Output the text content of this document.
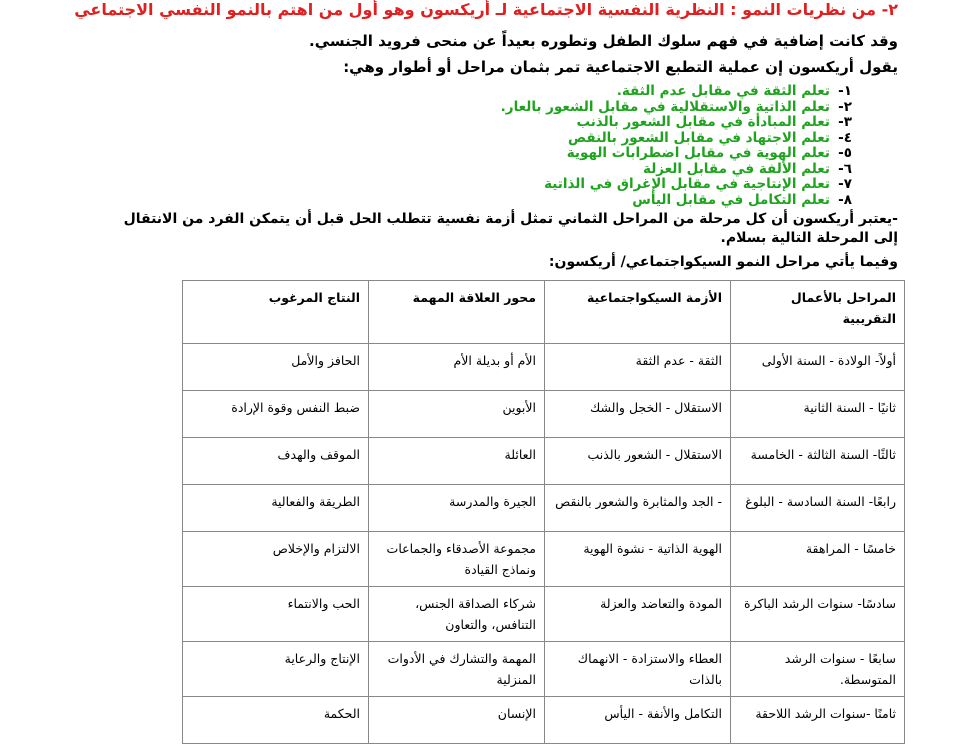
٢- من نظريات النمو : النظرية النفسية الاجتماعية لـ أريكسون وهو أول من اهتم بالنمو النفسي الاجتماعي
وقد كانت إضافية في فهم سلوك الطفل وتطوره بعيداً عن منحى فرويد الجنسي.
يقول أريكسون إن عملية التطبع الاجتماعية تمر بثمان مراحل أو أطوار وهي:
١-تعلم الثقة في مقابل عدم الثقة.
٢-تعلم الذاتية والاستقلالية في مقابل الشعور بالعار.
٣-تعلم المبادأة في مقابل الشعور بالذنب
٤-تعلم الاجتهاد في مقابل الشعور بالنقص
٥-تعلم الهوية في مقابل اضطرابات الهوية
٦-تعلم الألفة في مقابل العزلة
٧-تعلم الإنتاجية في مقابل الإغراق في الذاتية
٨-تعلم التكامل في مقابل اليأس
-يعتبر أريكسون أن كل مرحلة من المراحل الثماني تمثل أزمة نفسية تتطلب الحل قبل أن يتمكن الفرد من الانتقال إلى المرحلة التالية بسلام.
وفيما يأتي مراحل النمو السيكواجتماعي/ أريكسون:
المراحل بالأعمال التقريبية	الأزمة السيكواجتماعية	محور العلاقة المهمة	النتاج المرغوب
أولاً- الولادة - السنة الأولى	الثقة - عدم الثقة	الأم أو بديلة الأم	الحافز والأمل
ثانيًا - السنة الثانية	الاستقلال - الخجل والشك	الأبوين	ضبط النفس وقوة الإرادة
ثالثًا- السنة الثالثة - الخامسة	الاستقلال - الشعور بالذنب	العائلة	الموقف والهدف
رابعًا- السنة السادسة - البلوغ	- الجد والمثابرة والشعور بالنقص	الجيرة والمدرسة	الطريقة والفعالية
خامسًا - المراهقة	الهوية الذاتية - نشوة الهوية	مجموعة الأصدقاء والجماعات ونماذج القيادة	الالتزام والإخلاص
سادسًا- سنوات الرشد الباكرة	المودة والتعاضد والعزلة	شركاء الصداقة الجنس، التنافس، والتعاون	الحب والانتماء
سابعًا - سنوات الرشد المتوسطة.	العطاء والاستزادة - الانهماك بالذات	المهمة والتشارك في الأدوات المنزلية	الإنتاج والرعاية
ثامنًا -سنوات الرشد اللاحقة	التكامل والأنفة - اليأس	الإنسان	الحكمة
